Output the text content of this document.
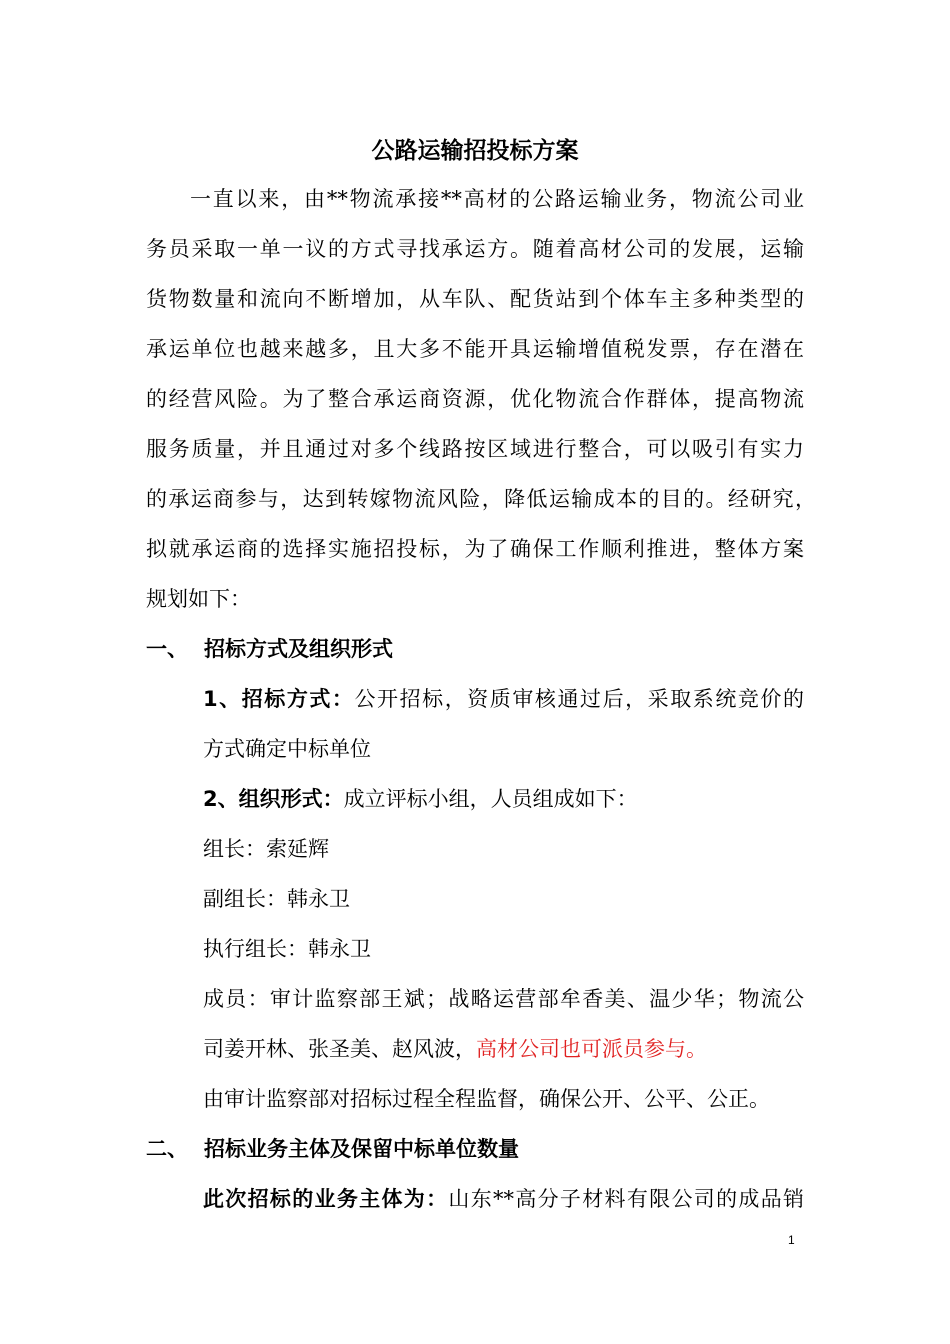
公路运输招投标方案
一直以来，由**物流承接**高材的公路运输业务，物流公司业
务员采取一单一议的方式寻找承运方。随着高材公司的发展，运输
货物数量和流向不断增加，从车队、配货站到个体车主多种类型的
承运单位也越来越多，且大多不能开具运输增值税发票，存在潜在
的经营风险。为了整合承运商资源，优化物流合作群体，提高物流
服务质量，并且通过对多个线路按区域进行整合，可以吸引有实力
的承运商参与，达到转嫁物流风险，降低运输成本的目的。经研究，
拟就承运商的选择实施招投标，为了确保工作顺利推进，整体方案
规划如下：
一、 招标方式及组织形式
1、招标方式：公开招标，资质审核通过后，采取系统竞价的
方式确定中标单位
2、组织形式：成立评标小组，人员组成如下：
组长：索延辉
副组长：韩永卫
执行组长：韩永卫
成员：审计监察部王斌；战略运营部牟香美、温少华；物流公
司姜开林、张圣美、赵风波，高材公司也可派员参与。
由审计监察部对招标过程全程监督，确保公开、公平、公正。
二、 招标业务主体及保留中标单位数量
此次招标的业务主体为：山东**高分子材料有限公司的成品销
1
